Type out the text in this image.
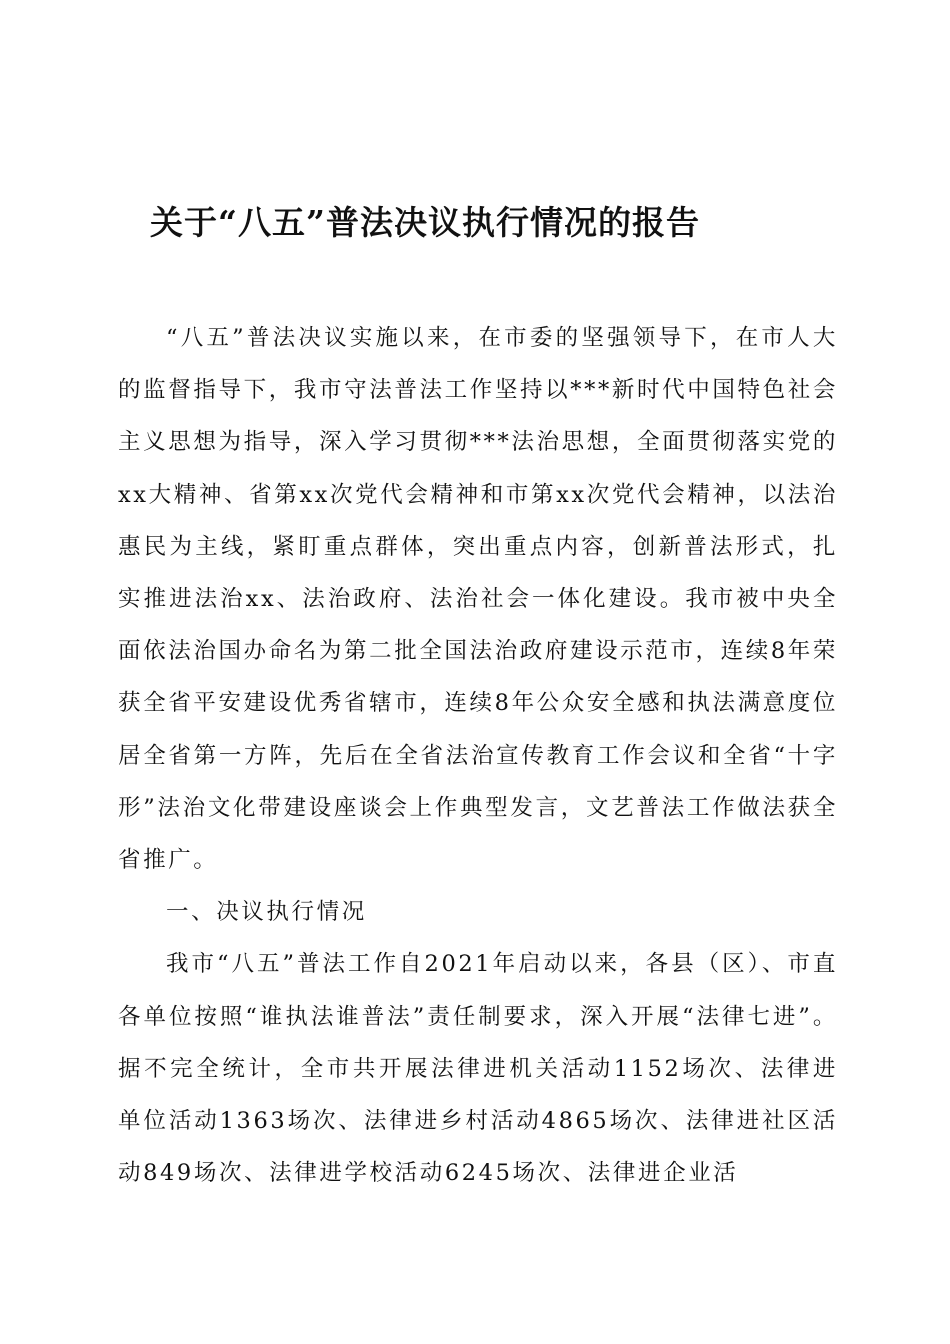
关于“八五”普法决议执行情况的报告

“八五”普法决议实施以来，在市委的坚强领导下，在市人大的监督指导下，我市守法普法工作坚持以***新时代中国特色社会主义思想为指导，深入学习贯彻***法治思想，全面贯彻落实党的xx大精神、省第xx次党代会精神和市第xx次党代会精神，以法治惠民为主线，紧盯重点群体，突出重点内容，创新普法形式，扎实推进法治xx、法治政府、法治社会一体化建设。我市被中央全面依法治国办命名为第二批全国法治政府建设示范市，连续8年荣获全省平安建设优秀省辖市，连续8年公众安全感和执法满意度位居全省第一方阵，先后在全省法治宣传教育工作会议和全省“十字形”法治文化带建设座谈会上作典型发言，文艺普法工作做法获全省推广。

一、决议执行情况

我市“八五”普法工作自2021年启动以来，各县（区）、市直各单位按照“谁执法谁普法”责任制要求，深入开展“法律七进”。据不完全统计，全市共开展法律进机关活动1152场次、法律进单位活动1363场次、法律进乡村活动4865场次、法律进社区活动849场次、法律进学校活动6245场次、法律进企业活
